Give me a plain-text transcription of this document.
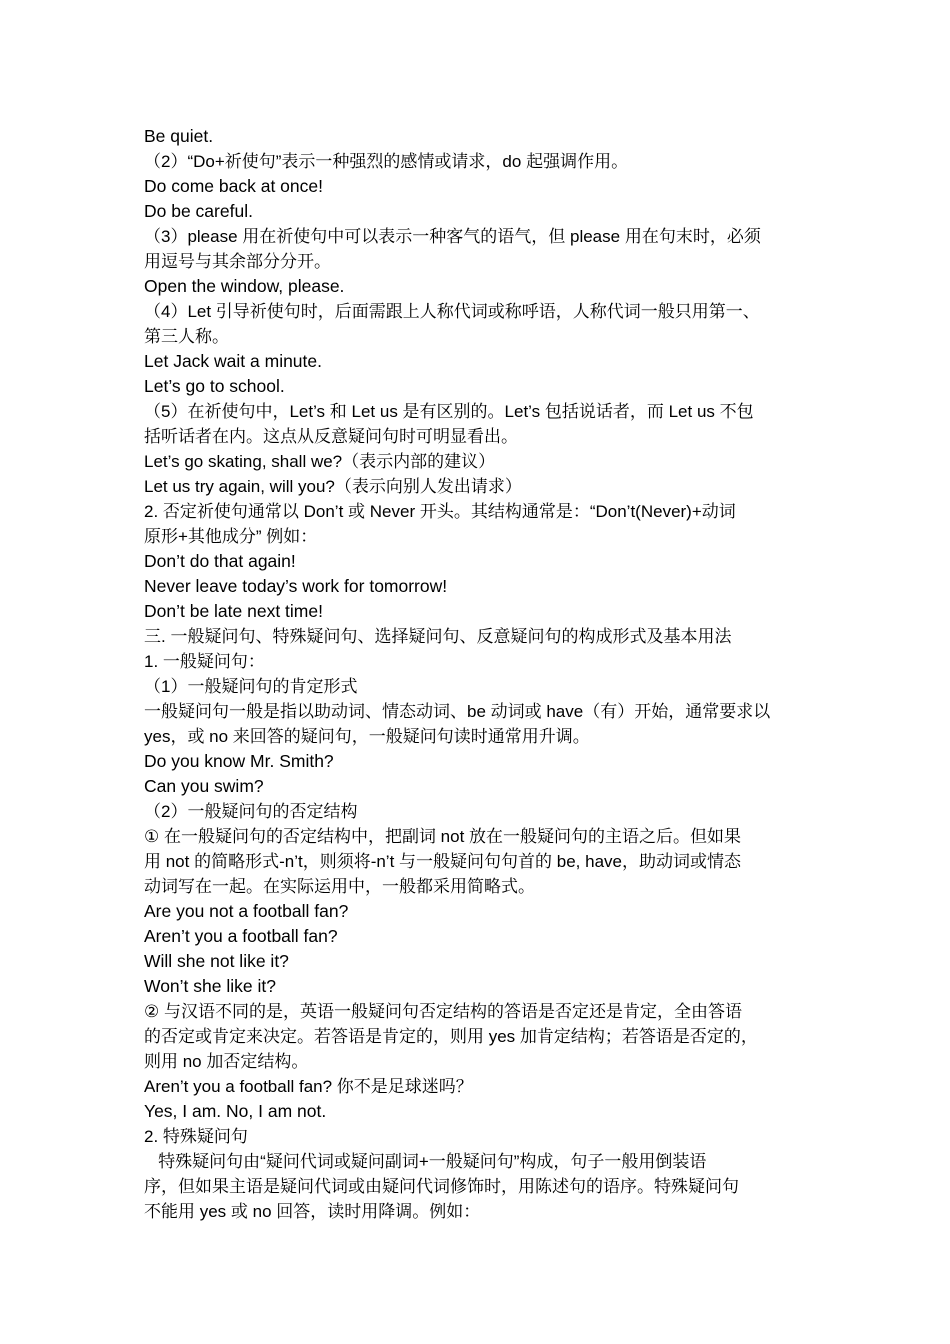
Be quiet.
（2）“Do+祈使句”表示一种强烈的感情或请求，do 起强调作用。
Do come back at once!
Do be careful.
（3）please 用在祈使句中可以表示一种客气的语气，但 please 用在句末时，必须
用逗号与其余部分分开。
Open the window, please.
（4）Let 引导祈使句时，后面需跟上人称代词或称呼语，人称代词一般只用第一、
第三人称。
Let Jack wait a minute.
Let’s go to school.
（5）在祈使句中，Let’s 和 Let us 是有区别的。Let’s 包括说话者，而 Let us 不包
括听话者在内。这点从反意疑问句时可明显看出。
Let’s go skating, shall we?（表示内部的建议）
Let us try again, will you?（表示向别人发出请求）
2. 否定祈使句通常以 Don’t 或 Never 开头。其结构通常是：“Don’t(Never)+动词
原形+其他成分” 例如：
Don’t do that again!
Never leave today’s work for tomorrow!
Don’t be late next time!
三. 一般疑问句、特殊疑问句、选择疑问句、反意疑问句的构成形式及基本用法
1. 一般疑问句：
（1）一般疑问句的肯定形式
一般疑问句一般是指以助动词、情态动词、be 动词或 have（有）开始，通常要求以
yes，或 no 来回答的疑问句，一般疑问句读时通常用升调。
Do you know Mr. Smith?
Can you swim?
（2）一般疑问句的否定结构
① 在一般疑问句的否定结构中，把副词 not 放在一般疑问句的主语之后。但如果
用 not 的简略形式-n’t，则须将-n’t 与一般疑问句句首的 be, have，助动词或情态
动词写在一起。在实际运用中，一般都采用简略式。
Are you not a football fan?
Aren’t you a football fan?
Will she not like it?
Won’t she like it?
② 与汉语不同的是，英语一般疑问句否定结构的答语是否定还是肯定，全由答语
的否定或肯定来决定。若答语是肯定的，则用 yes 加肯定结构；若答语是否定的，
则用 no 加否定结构。
Aren’t you a football fan? 你不是足球迷吗？
Yes, I am. No, I am not.
2. 特殊疑问句
特殊疑问句由“疑问代词或疑问副词+一般疑问句”构成，句子一般用倒装语
序，但如果主语是疑问代词或由疑问代词修饰时，用陈述句的语序。特殊疑问句
不能用 yes 或 no 回答，读时用降调。例如：
